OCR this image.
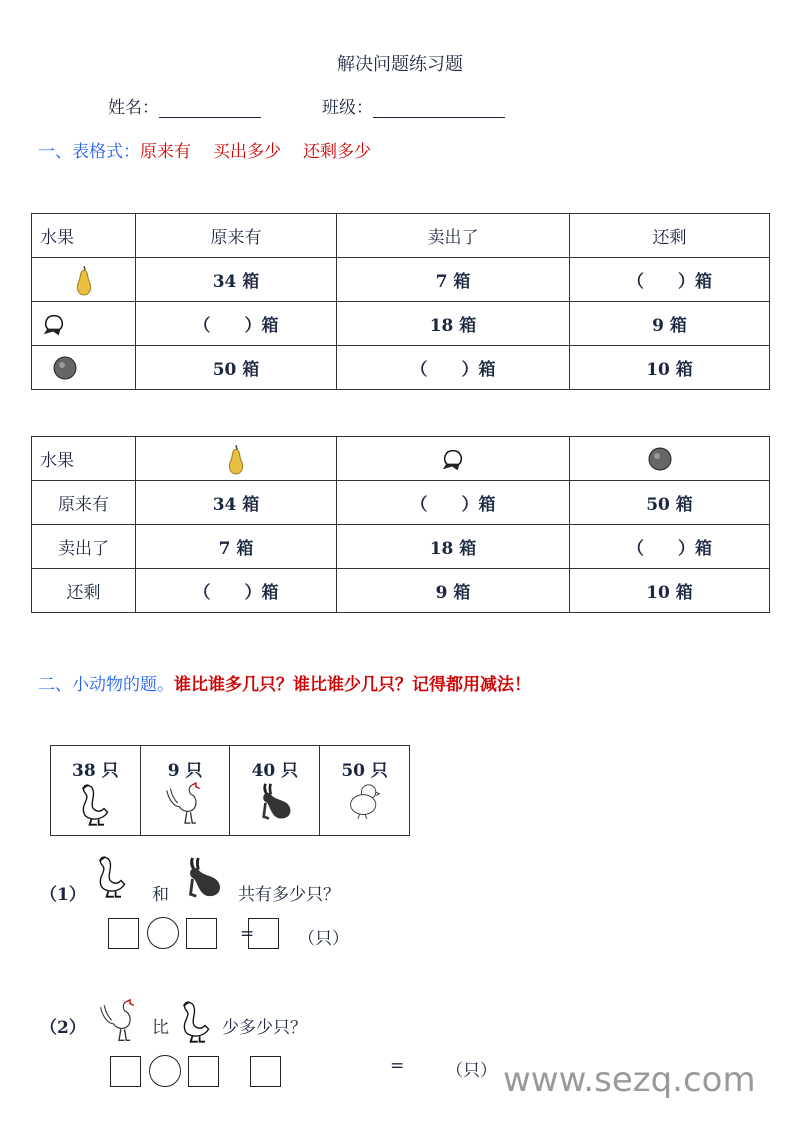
解决问题练习题
姓名：	班级：
一、表格式：原来有 买出多少 还剩多少
水果	原来有	卖出了	还剩
	34 箱	7 箱	（　　）箱
	（　　）箱	18 箱	9 箱
	50 箱	（　　）箱	10 箱
水果			
原来有	34 箱	（　　）箱	50 箱
卖出了	7 箱	18 箱	（　　）箱
还剩	（　　）箱	9 箱	10 箱
二、小动物的题。谁比谁多几只？谁比谁少几只？记得都用减法！
38 只	9 只	40 只	50 只
（1）	和	共有多少只？
=	（只）
（2）	比	少多少只？
= （只） www.sezq.com
